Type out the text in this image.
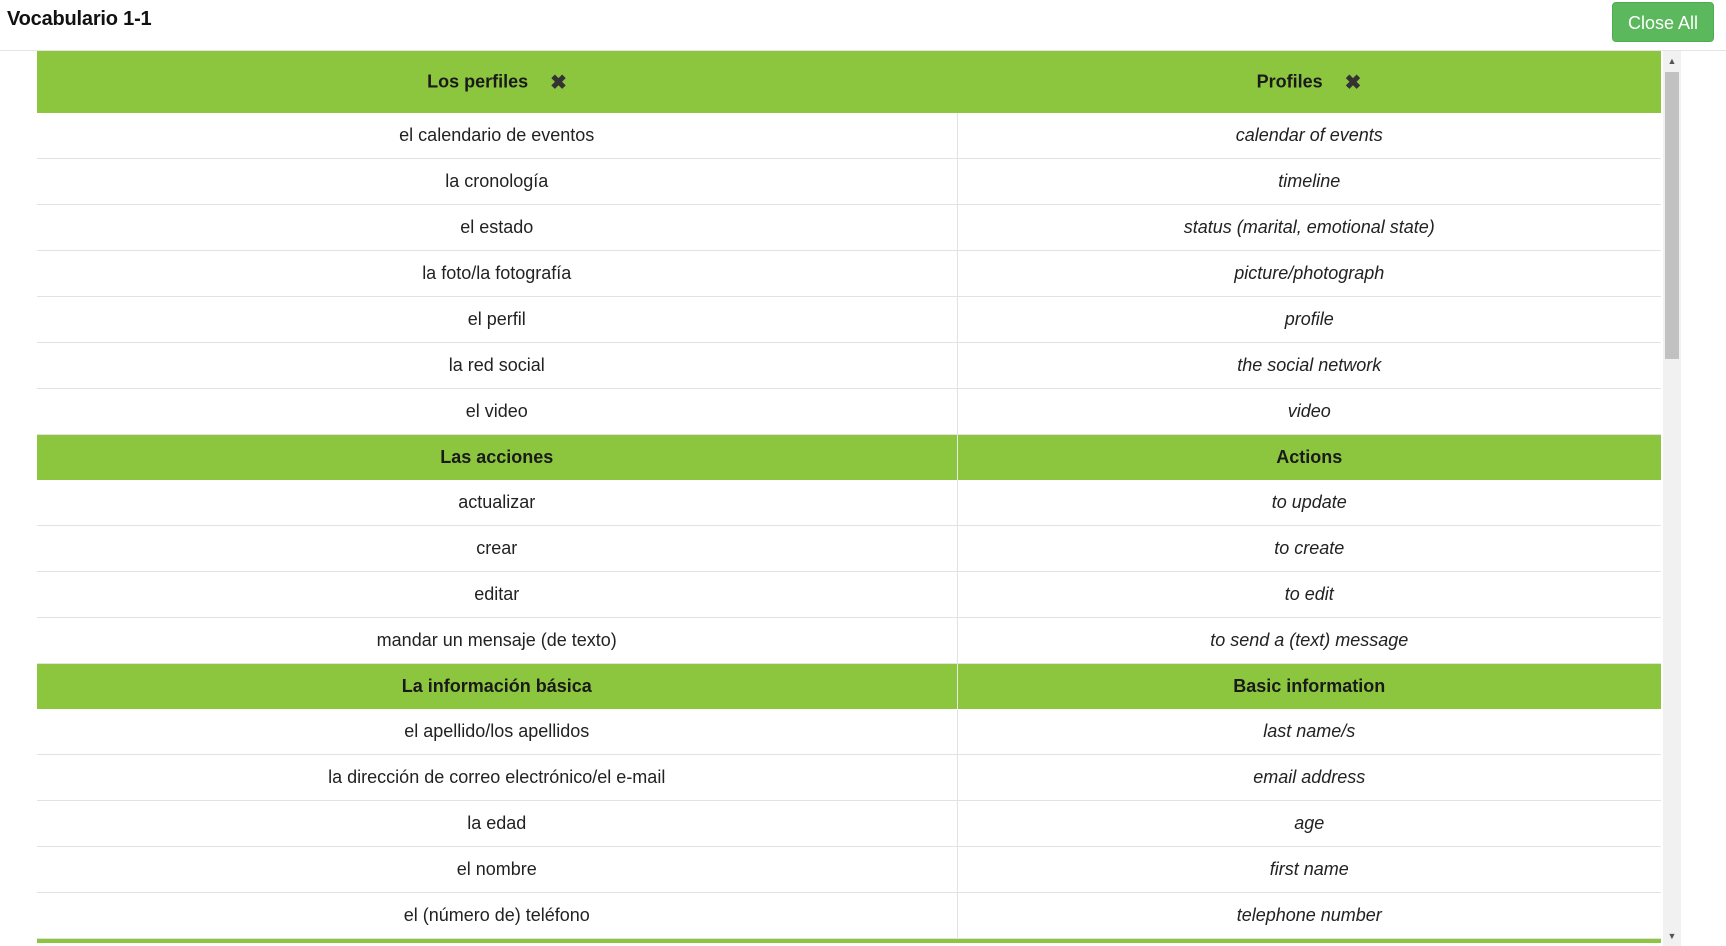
Vocabulario 1-1	Close All
Los perfiles ✖	Profiles ✖
el calendario de eventos	calendar of events
la cronología	timeline
el estado	status (marital, emotional state)
la foto/la fotografía	picture/photograph
el perfil	profile
la red social	the social network
el video	video
Las acciones	Actions
actualizar	to update
crear	to create
editar	to edit
mandar un mensaje (de texto)	to send a (text) message
La información básica	Basic information
el apellido/los apellidos	last name/s
la dirección de correo electrónico/el e-mail	email address
la edad	age
el nombre	first name
el (número de) teléfono	telephone number

▲
▼
